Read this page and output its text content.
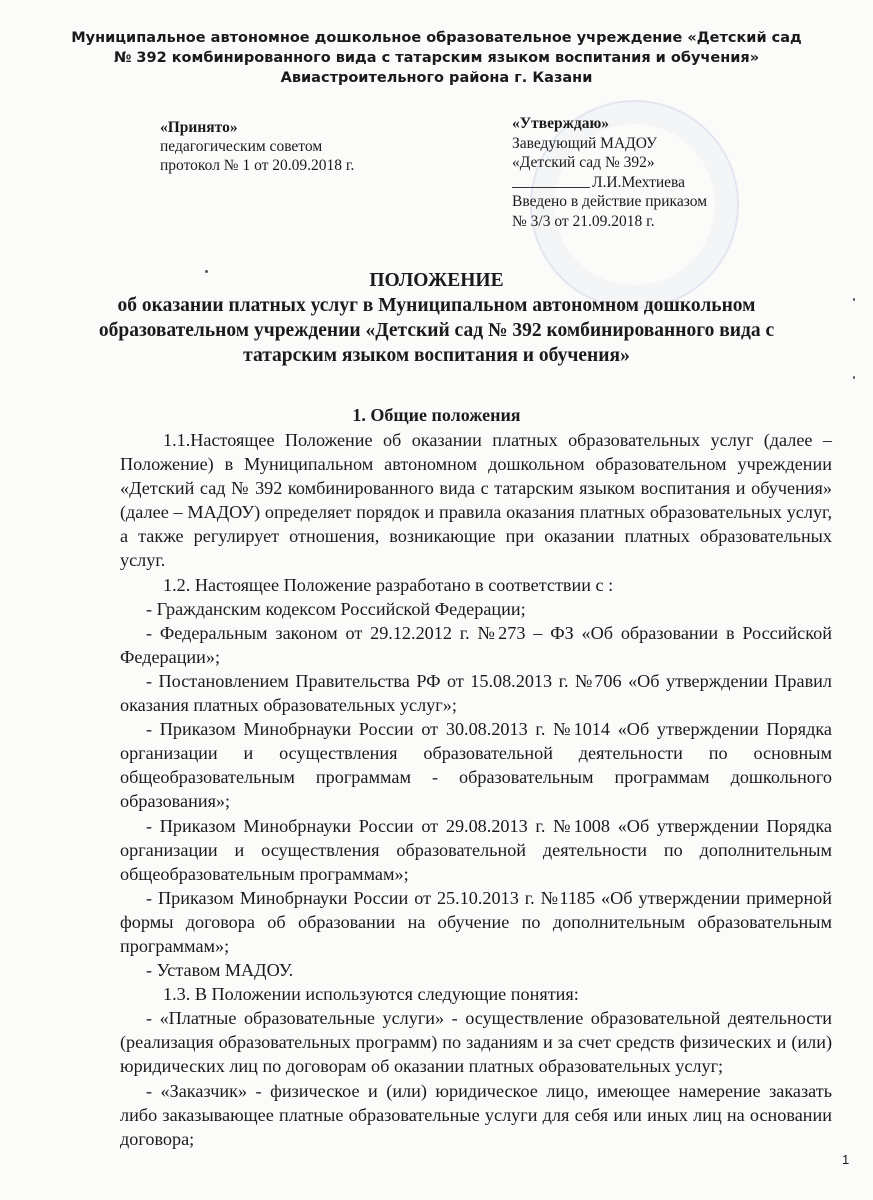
Муниципальное автономное дошкольное образовательное учреждение «Детский сад
№ 392 комбинированного вида с татарским языком воспитания и обучения»
Авиастроительного района г. Казани
«Принято»
педагогическим советом
протокол № 1 от 20.09.2018 г.
«Утверждаю»
Заведующий МАДОУ
«Детский сад № 392»
Л.И.Мехтиева
Введено в действие приказом
№ 3/3 от 21.09.2018 г.
ПОЛОЖЕНИЕ
об оказании платных услуг в Муниципальном автономном дошкольном
образовательном учреждении «Детский сад № 392 комбинированного вида с
татарским языком воспитания и обучения»
1. Общие положения

1.1.Настоящее Положение об оказании платных образовательных услуг (далее – Положение) в Муниципальном автономном дошкольном образовательном учреждении «Детский сад № 392 комбинированного вида с татарским языком воспитания и обучения» (далее – МАДОУ) определяет порядок и правила оказания платных образовательных услуг, а также регулирует отношения, возникающие при оказании платных образовательных услуг.

1.2. Настоящее Положение разработано в соответствии с :

- Гражданским кодексом Российской Федерации;

- Федеральным законом от 29.12.2012 г. №273 – ФЗ «Об образовании в Российской Федерации»;

- Постановлением Правительства РФ от 15.08.2013 г. №706 «Об утверждении Правил оказания платных образовательных услуг»;

- Приказом Минобрнауки России от 30.08.2013 г. №1014 «Об утверждении Порядка организации и осуществления образовательной деятельности по основным общеобразовательным программам - образовательным программам дошкольного образования»;

- Приказом Минобрнауки России от 29.08.2013 г. №1008 «Об утверждении Порядка организации и осуществления образовательной деятельности по дополнительным общеобразовательным программам»;

- Приказом Минобрнауки России от 25.10.2013 г. №1185 «Об утверждении примерной формы договора об образовании на обучение по дополнительным образовательным программам»;

- Уставом МАДОУ.

1.3. В Положении используются следующие понятия:

- «Платные образовательные услуги» - осуществление образовательной деятельности (реализация образовательных программ) по заданиям и за счет средств физических и (или) юридических лиц по договорам об оказании платных образовательных услуг;

- «Заказчик» - физическое и (или) юридическое лицо, имеющее намерение заказать либо заказывающее платные образовательные услуги для себя или иных лиц на основании договора;

1
